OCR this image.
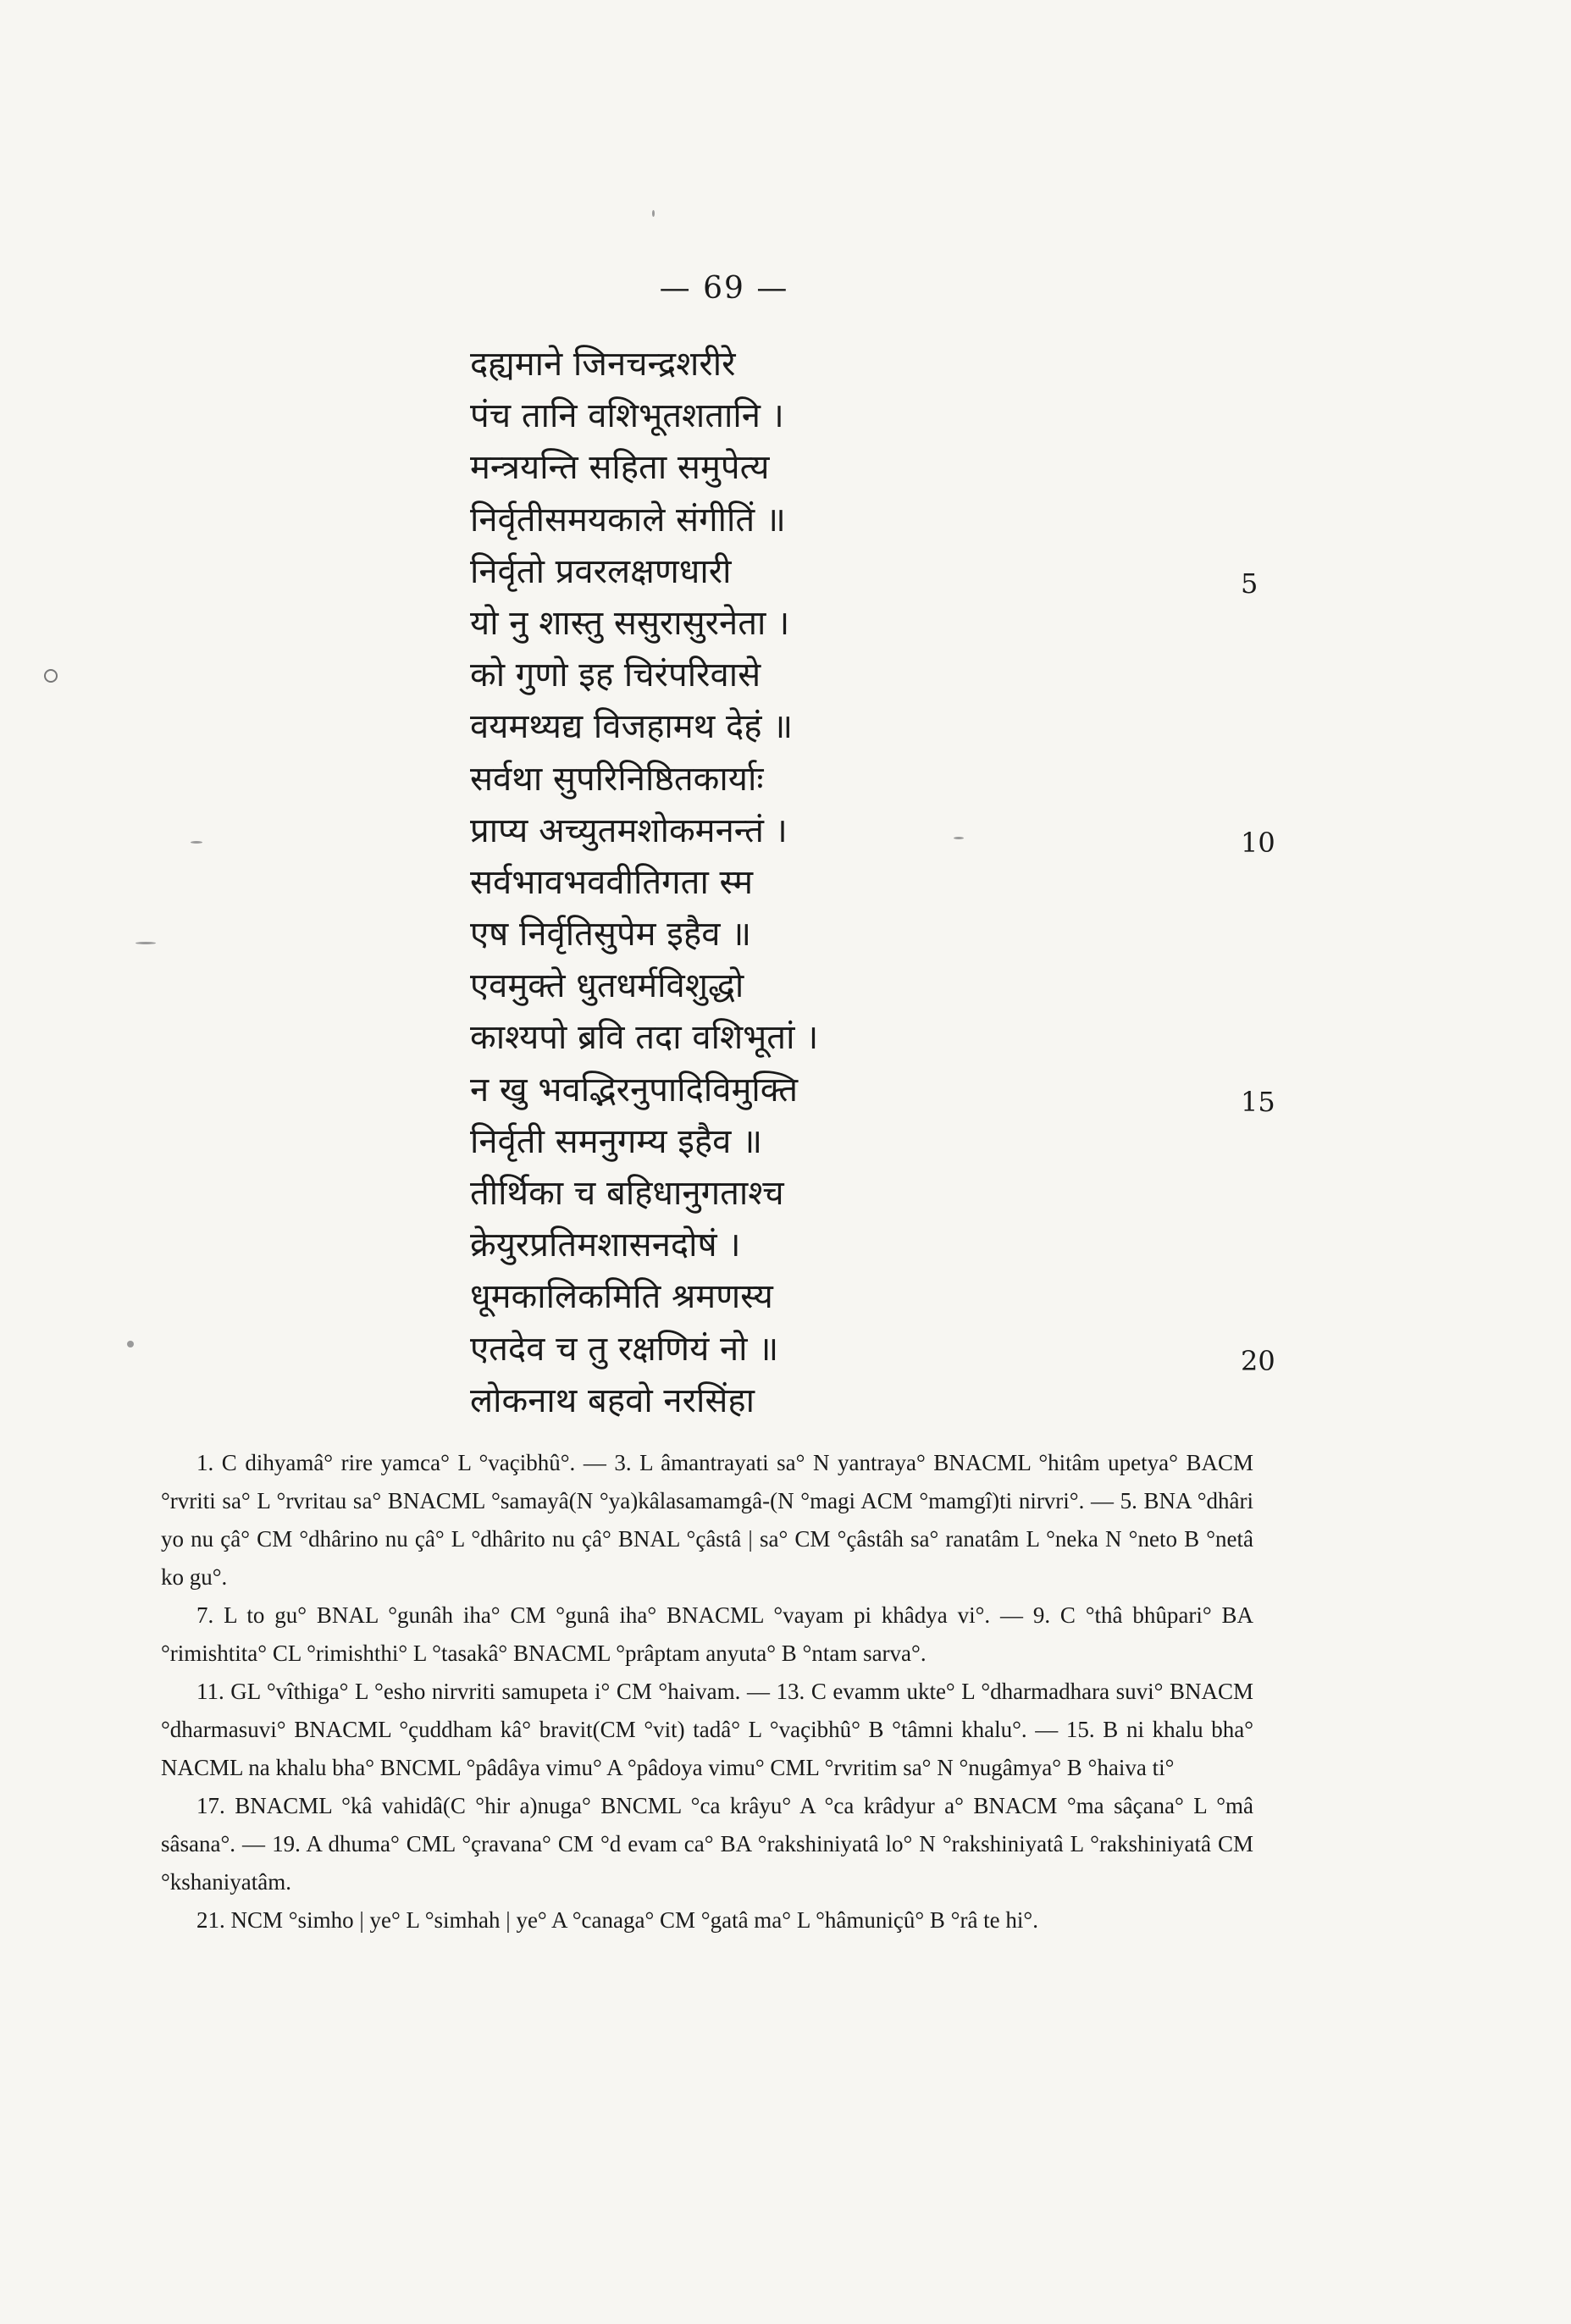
— 69 —
दह्यमाने जिनचन्द्रशरीरे
पंच तानि वशिभूतशतानि ।
मन्त्रयन्ति सहिता समुपेत्य
निर्वृतीसमयकाले संगीतिं ॥
निर्वृतो प्रवरलक्षणधारी
यो नु शास्तु ससुरासुरनेता ।
को गुणो इह चिरंपरिवासे
वयमथ्यद्य विजहामथ देहं ॥
सर्वथा सुपरिनिष्ठितकार्याः
प्राप्य अच्युतमशोकमनन्तं ।
सर्वभावभववीतिगता स्म
एष निर्वृतिसुपेम इहैव ॥
एवमुक्ते धुतधर्मविशुद्धो
काश्यपो ब्रवि तदा वशिभूतां ।
न खु भवद्भिरनुपादिविमुक्ति
निर्वृती समनुगम्य इहैव ॥
तीर्थिका च बहिधानुगताश्च
क्रेयुरप्रतिमशासनदोषं ।
धूमकालिकमिति श्रमणस्य
एतदेव च तु रक्षणियं नो ॥
लोकनाथ बहवो नरसिंहा
5
10
15
20

1. C dihyamâ° rire yamca° L °vaçibhû°. — 3. L âmantrayati sa° N yantraya° BNACML °hitâm upetya° BACM °rvriti sa° L °rvritau sa° BNACML °samayâ(N °ya)kâlasamamgâ-(N °magi ACM °mamgî)ti nirvri°. — 5. BNA °dhâri yo nu çâ° CM °dhârino nu çâ° L °dhârito nu çâ° BNAL °çâstâ | sa° CM °çâstâh sa° ranatâm L °neka N °neto B °netâ ko gu°.

7. L to gu° BNAL °gunâh iha° CM °gunâ iha° BNACML °vayam pi khâdya vi°. — 9. C °thâ bhûpari° BA °rimishtita° CL °rimishthi° L °tasakâ° BNACML °prâptam anyuta° B °ntam sarva°.

11. GL °vîthiga° L °esho nirvriti samupeta i° CM °haivam. — 13. C evamm ukte° L °dharmadhara suvi° BNACM °dharmasuvi° BNACML °çuddham kâ° bravit(CM °vit) tadâ° L °vaçibhû° B °tâmni khalu°. — 15. B ni khalu bha° NACML na khalu bha° BNCML °pâdâya vimu° A °pâdoya vimu° CML °rvritim sa° N °nugâmya° B °haiva ti°

17. BNACML °kâ vahidâ(C °hir a)nuga° BNCML °ca krâyu° A °ca krâdyur a° BNACM °ma sâçana° L °mâ sâsana°. — 19. A dhuma° CML °çravana° CM °d evam ca° BA °rakshiniyatâ lo° N °rakshiniyatâ L °rakshiniyatâ CM °kshaniyatâm.

21. NCM °simho | ye° L °simhah | ye° A °canaga° CM °gatâ ma° L °hâmuniçû° B °râ te hi°.
